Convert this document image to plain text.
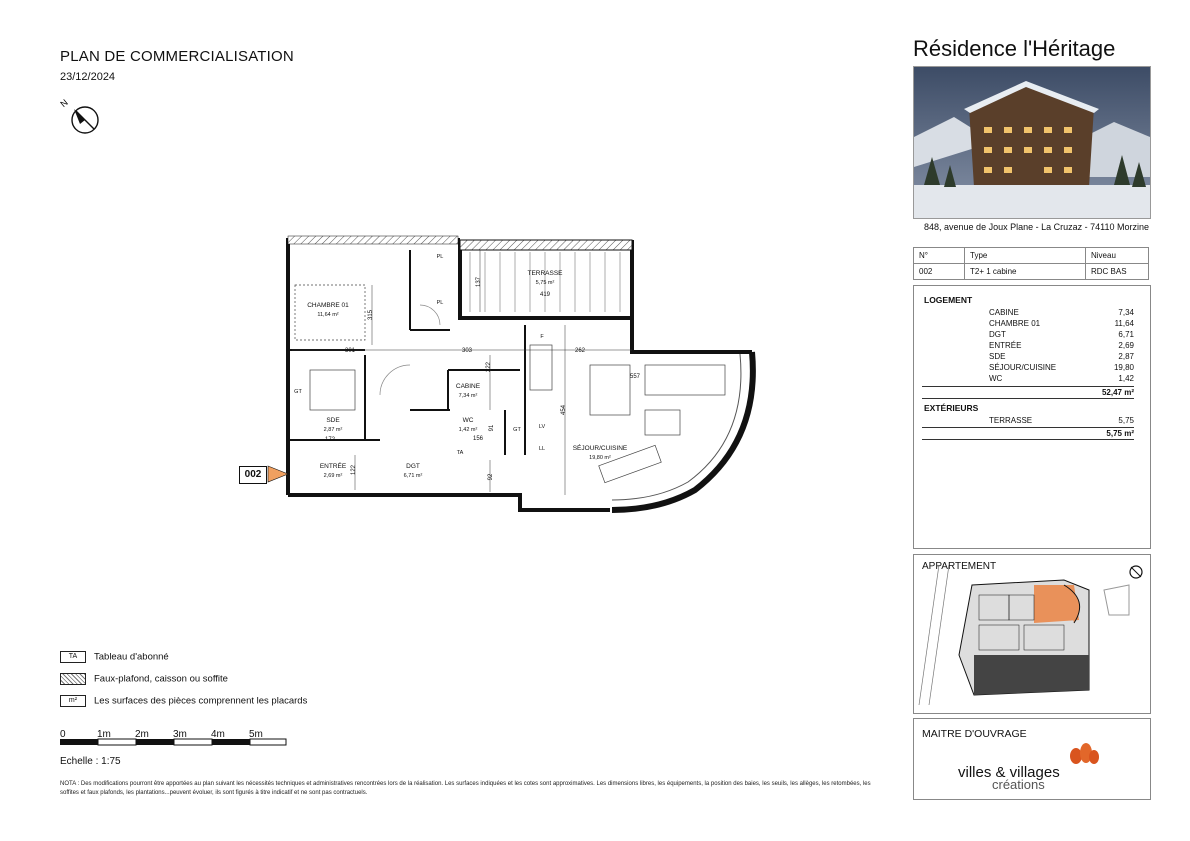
PLAN DE COMMERCIALISATION
23/12/2024
N
Résidence l'Héritage
848, avenue de Joux Plane - La Cruzaz - 74110 Morzine
N°	Type	Niveau
002	T2+ 1 cabine	RDC BAS
LOGEMENT
CABINE	7,34
CHAMBRE 01	11,64
DGT	6,71
ENTRÉE	2,69
SDE	2,87
SÉJOUR/CUISINE	19,80
WC	1,42
52,47 m²
EXTÉRIEURS
TERRASSE	5,75
5,75 m²
APPARTEMENT
MAITRE D'OUVRAGE
villes & villages
créations
CHAMBRE 01
11,64 m²
TERRASSE
5,75 m²
CABINE
7,34 m²
SDE
2,87 m²
WC
1,42 m²
ENTRÉE
2,69 m²
DGT
6,71 m²
SÉJOUR/CUISINE
19,80 m²
301	303	262
315
137
419
222
557
454
172	156
91
122
92
PL
PL
GT
GT
F
LV
LL
TA
002
TA Tableau d'abonné
Faux-plafond, caisson ou soffite
m² Les surfaces des pièces comprennent les placards
0	1m 2m 3m 4m 5m
Echelle : 1:75
NOTA : Des modifications pourront être apportées au plan suivant les nécessités techniques et administratives rencontrées lors de la réalisation. Les surfaces indiquées et les cotes sont approximatives. Les dimensions libres, les équipements, la position des baies, les seuils, les allèges, les retombées, les soffites et faux plafonds, les plantations...peuvent évoluer, ils sont figurés à titre indicatif et ne sont pas contractuels.
